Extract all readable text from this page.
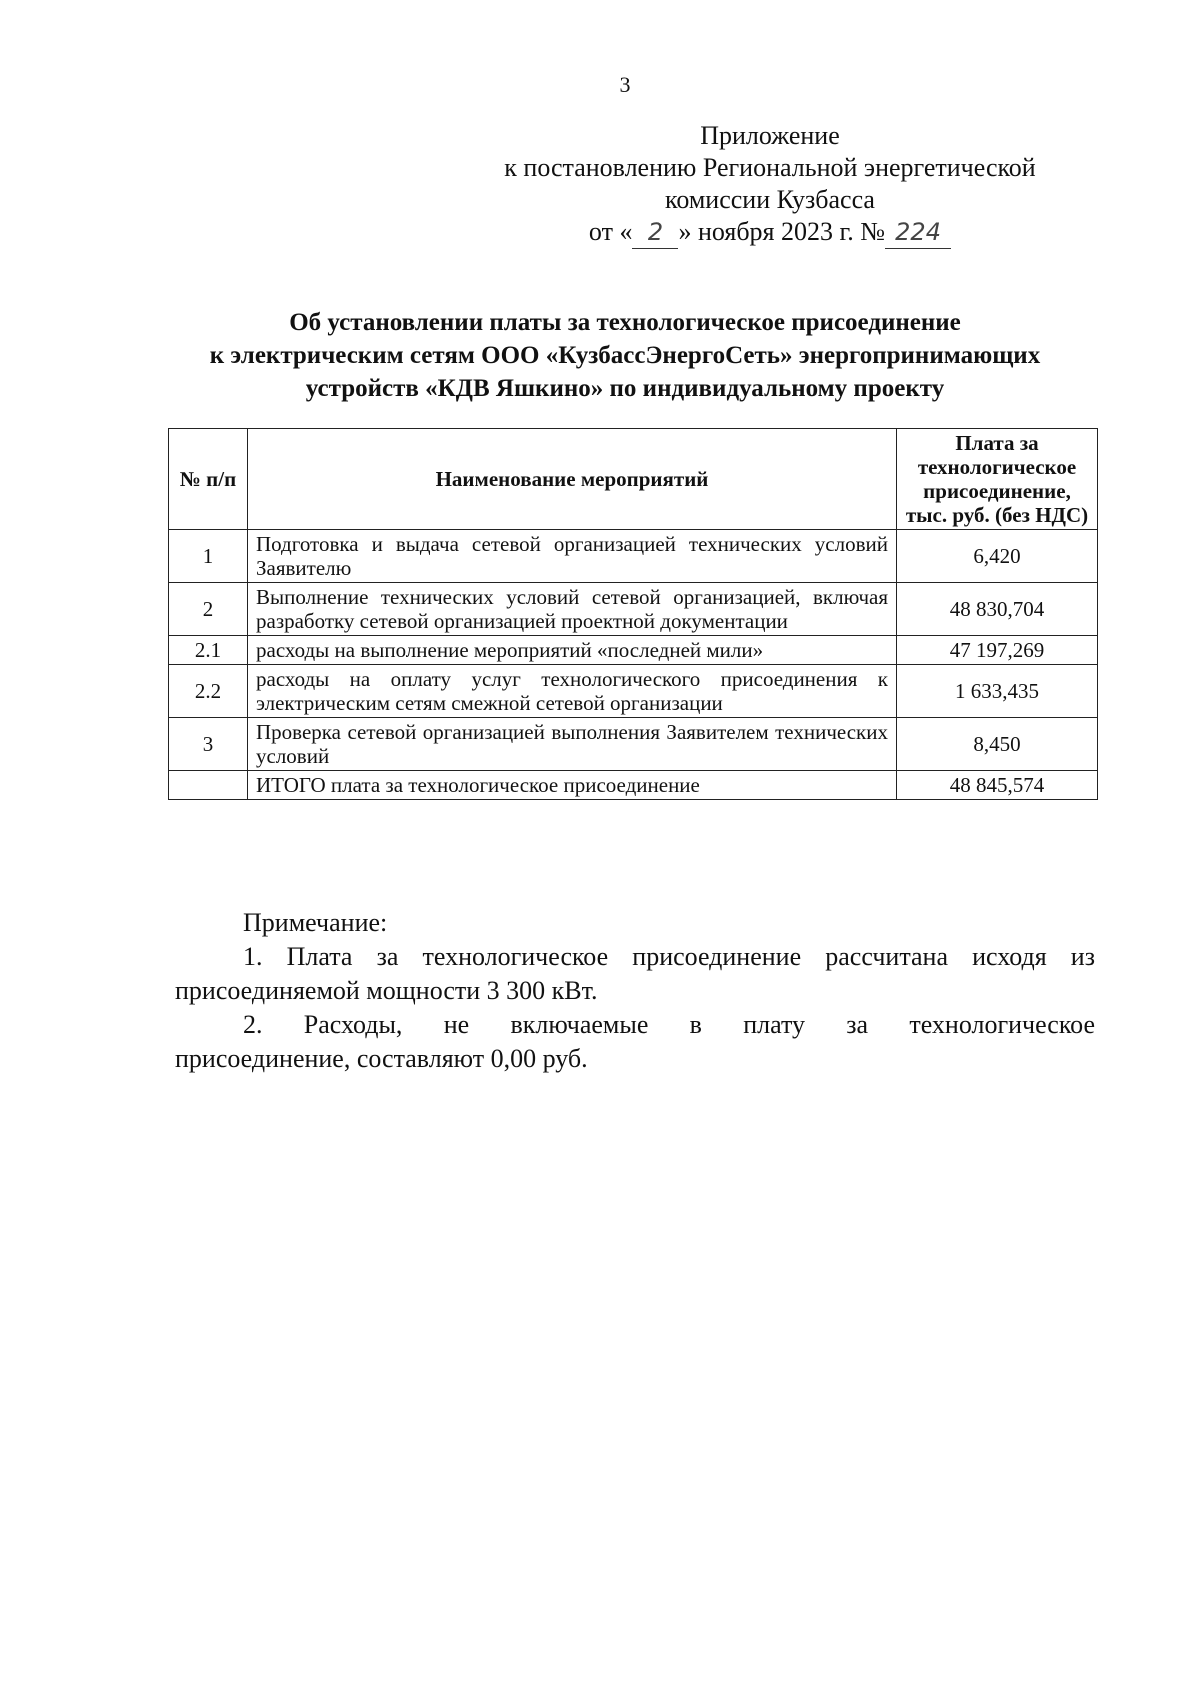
3
Приложение
к постановлению Региональной энергетической
комиссии Кузбасса
от « 2 » ноября 2023 г. № 224
Об установлении платы за технологическое присоединение
к электрическим сетям ООО «КузбассЭнергоСеть» энергопринимающих
устройств «КДВ Яшкино» по индивидуальному проекту
№ п/п	Наименование мероприятий	Плата за технологическое присоединение, тыс. руб. (без НДС)
1	Подготовка и выдача сетевой организацией технических условий Заявителю	6,420
2	Выполнение технических условий сетевой организацией, включая разработку сетевой организацией проектной документации	48 830,704
2.1	расходы на выполнение мероприятий «последней мили»	47 197,269
2.2	расходы на оплату услуг технологического присоединения к электрическим сетям смежной сетевой организации	1 633,435
3	Проверка сетевой организацией выполнения Заявителем технических условий	8,450
	ИТОГО плата за технологическое присоединение	48 845,574
Примечание:
1. Плата за технологическое присоединение рассчитана исходя из
присоединяемой мощности 3 300 кВт.
2. Расходы, не включаемые в плату за технологическое
присоединение, составляют 0,00 руб.
